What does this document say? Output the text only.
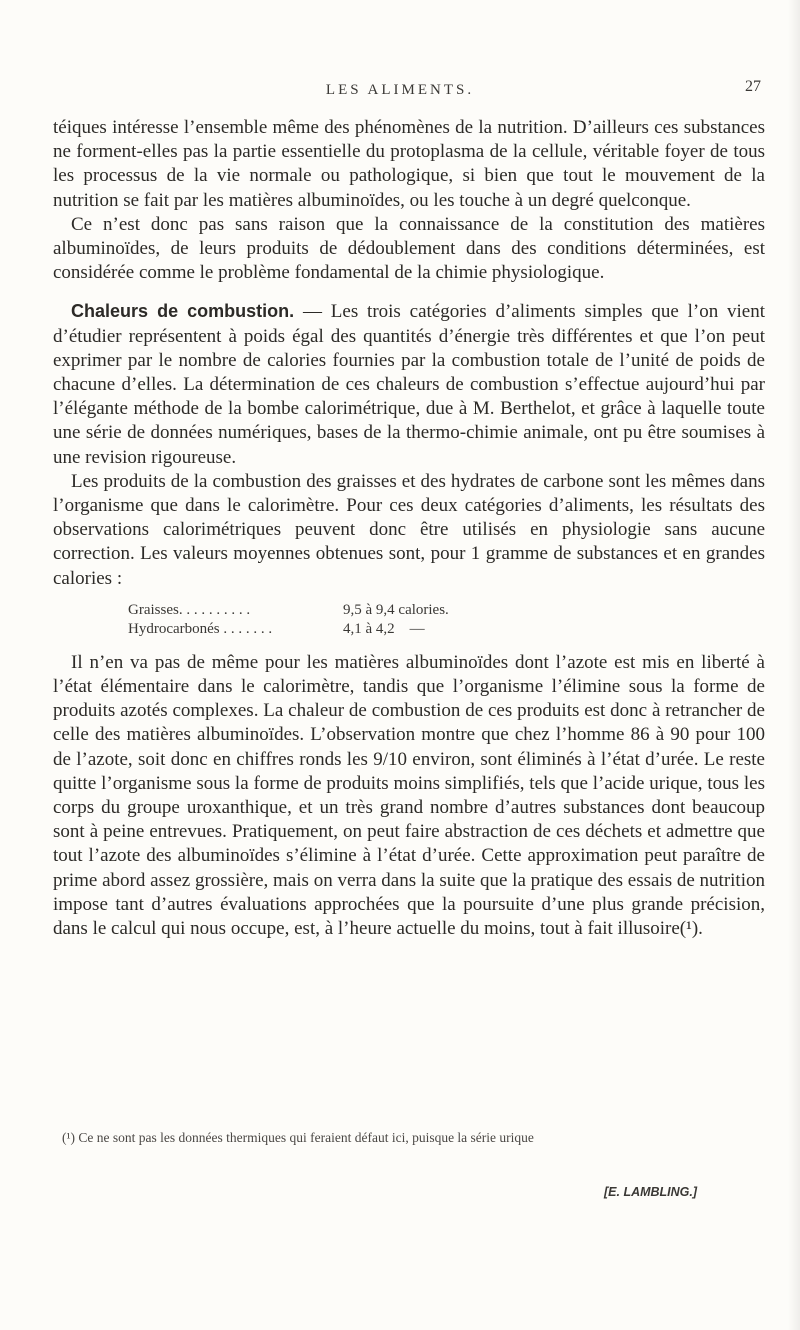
LES ALIMENTS.	27

téiques intéresse l’ensemble même des phénomènes de la nutrition. D’ailleurs ces substances ne forment-elles pas la partie essentielle du protoplasma de la cellule, véritable foyer de tous les processus de la vie normale ou pathologique, si bien que tout le mouvement de la nutrition se fait par les matières albuminoïdes, ou les touche à un degré quelconque.

Ce n’est donc pas sans raison que la connaissance de la constitution des matières albuminoïdes, de leurs produits de dédoublement dans des conditions déterminées, est considérée comme le problème fondamental de la chimie physiologique.

Chaleurs de combustion. — Les trois catégories d’aliments simples que l’on vient d’étudier représentent à poids égal des quantités d’énergie très différentes et que l’on peut exprimer par le nombre de calories fournies par la combustion totale de l’unité de poids de chacune d’elles. La détermination de ces chaleurs de combustion s’effectue aujourd’hui par l’élégante méthode de la bombe calorimétrique, due à M. Berthelot, et grâce à laquelle toute une série de données numériques, bases de la thermo-chimie animale, ont pu être soumises à une revision rigoureuse.

Les produits de la combustion des graisses et des hydrates de carbone sont les mêmes dans l’organisme que dans le calorimètre. Pour ces deux catégories d’aliments, les résultats des observations calorimétriques peuvent donc être utilisés en physiologie sans aucune correction. Les valeurs moyennes obtenues sont, pour 1 gramme de substances et en grandes calories :

Graisses. . . . . . . . . .	9,5 à 9,4 calories.
Hydrocarbonés . . . . . . .	4,1 à 4,2    —

Il n’en va pas de même pour les matières albuminoïdes dont l’azote est mis en liberté à l’état élémentaire dans le calorimètre, tandis que l’organisme l’élimine sous la forme de produits azotés complexes. La chaleur de combustion de ces produits est donc à retrancher de celle des matières albuminoïdes. L’observation montre que chez l’homme 86 à 90 pour 100 de l’azote, soit donc en chiffres ronds les 9/10 environ, sont éliminés à l’état d’urée. Le reste quitte l’organisme sous la forme de produits moins simplifiés, tels que l’acide urique, tous les corps du groupe uroxanthique, et un très grand nombre d’autres substances dont beaucoup sont à peine entrevues. Pratiquement, on peut faire abstraction de ces déchets et admettre que tout l’azote des albuminoïdes s’élimine à l’état d’urée. Cette approximation peut paraître de prime abord assez grossière, mais on verra dans la suite que la pratique des essais de nutrition impose tant d’autres évaluations approchées que la poursuite d’une plus grande précision, dans le calcul qui nous occupe, est, à l’heure actuelle du moins, tout à fait illusoire(¹).

(¹) Ce ne sont pas les données thermiques qui feraient défaut ici, puisque la série urique
[E. LAMBLING.]
